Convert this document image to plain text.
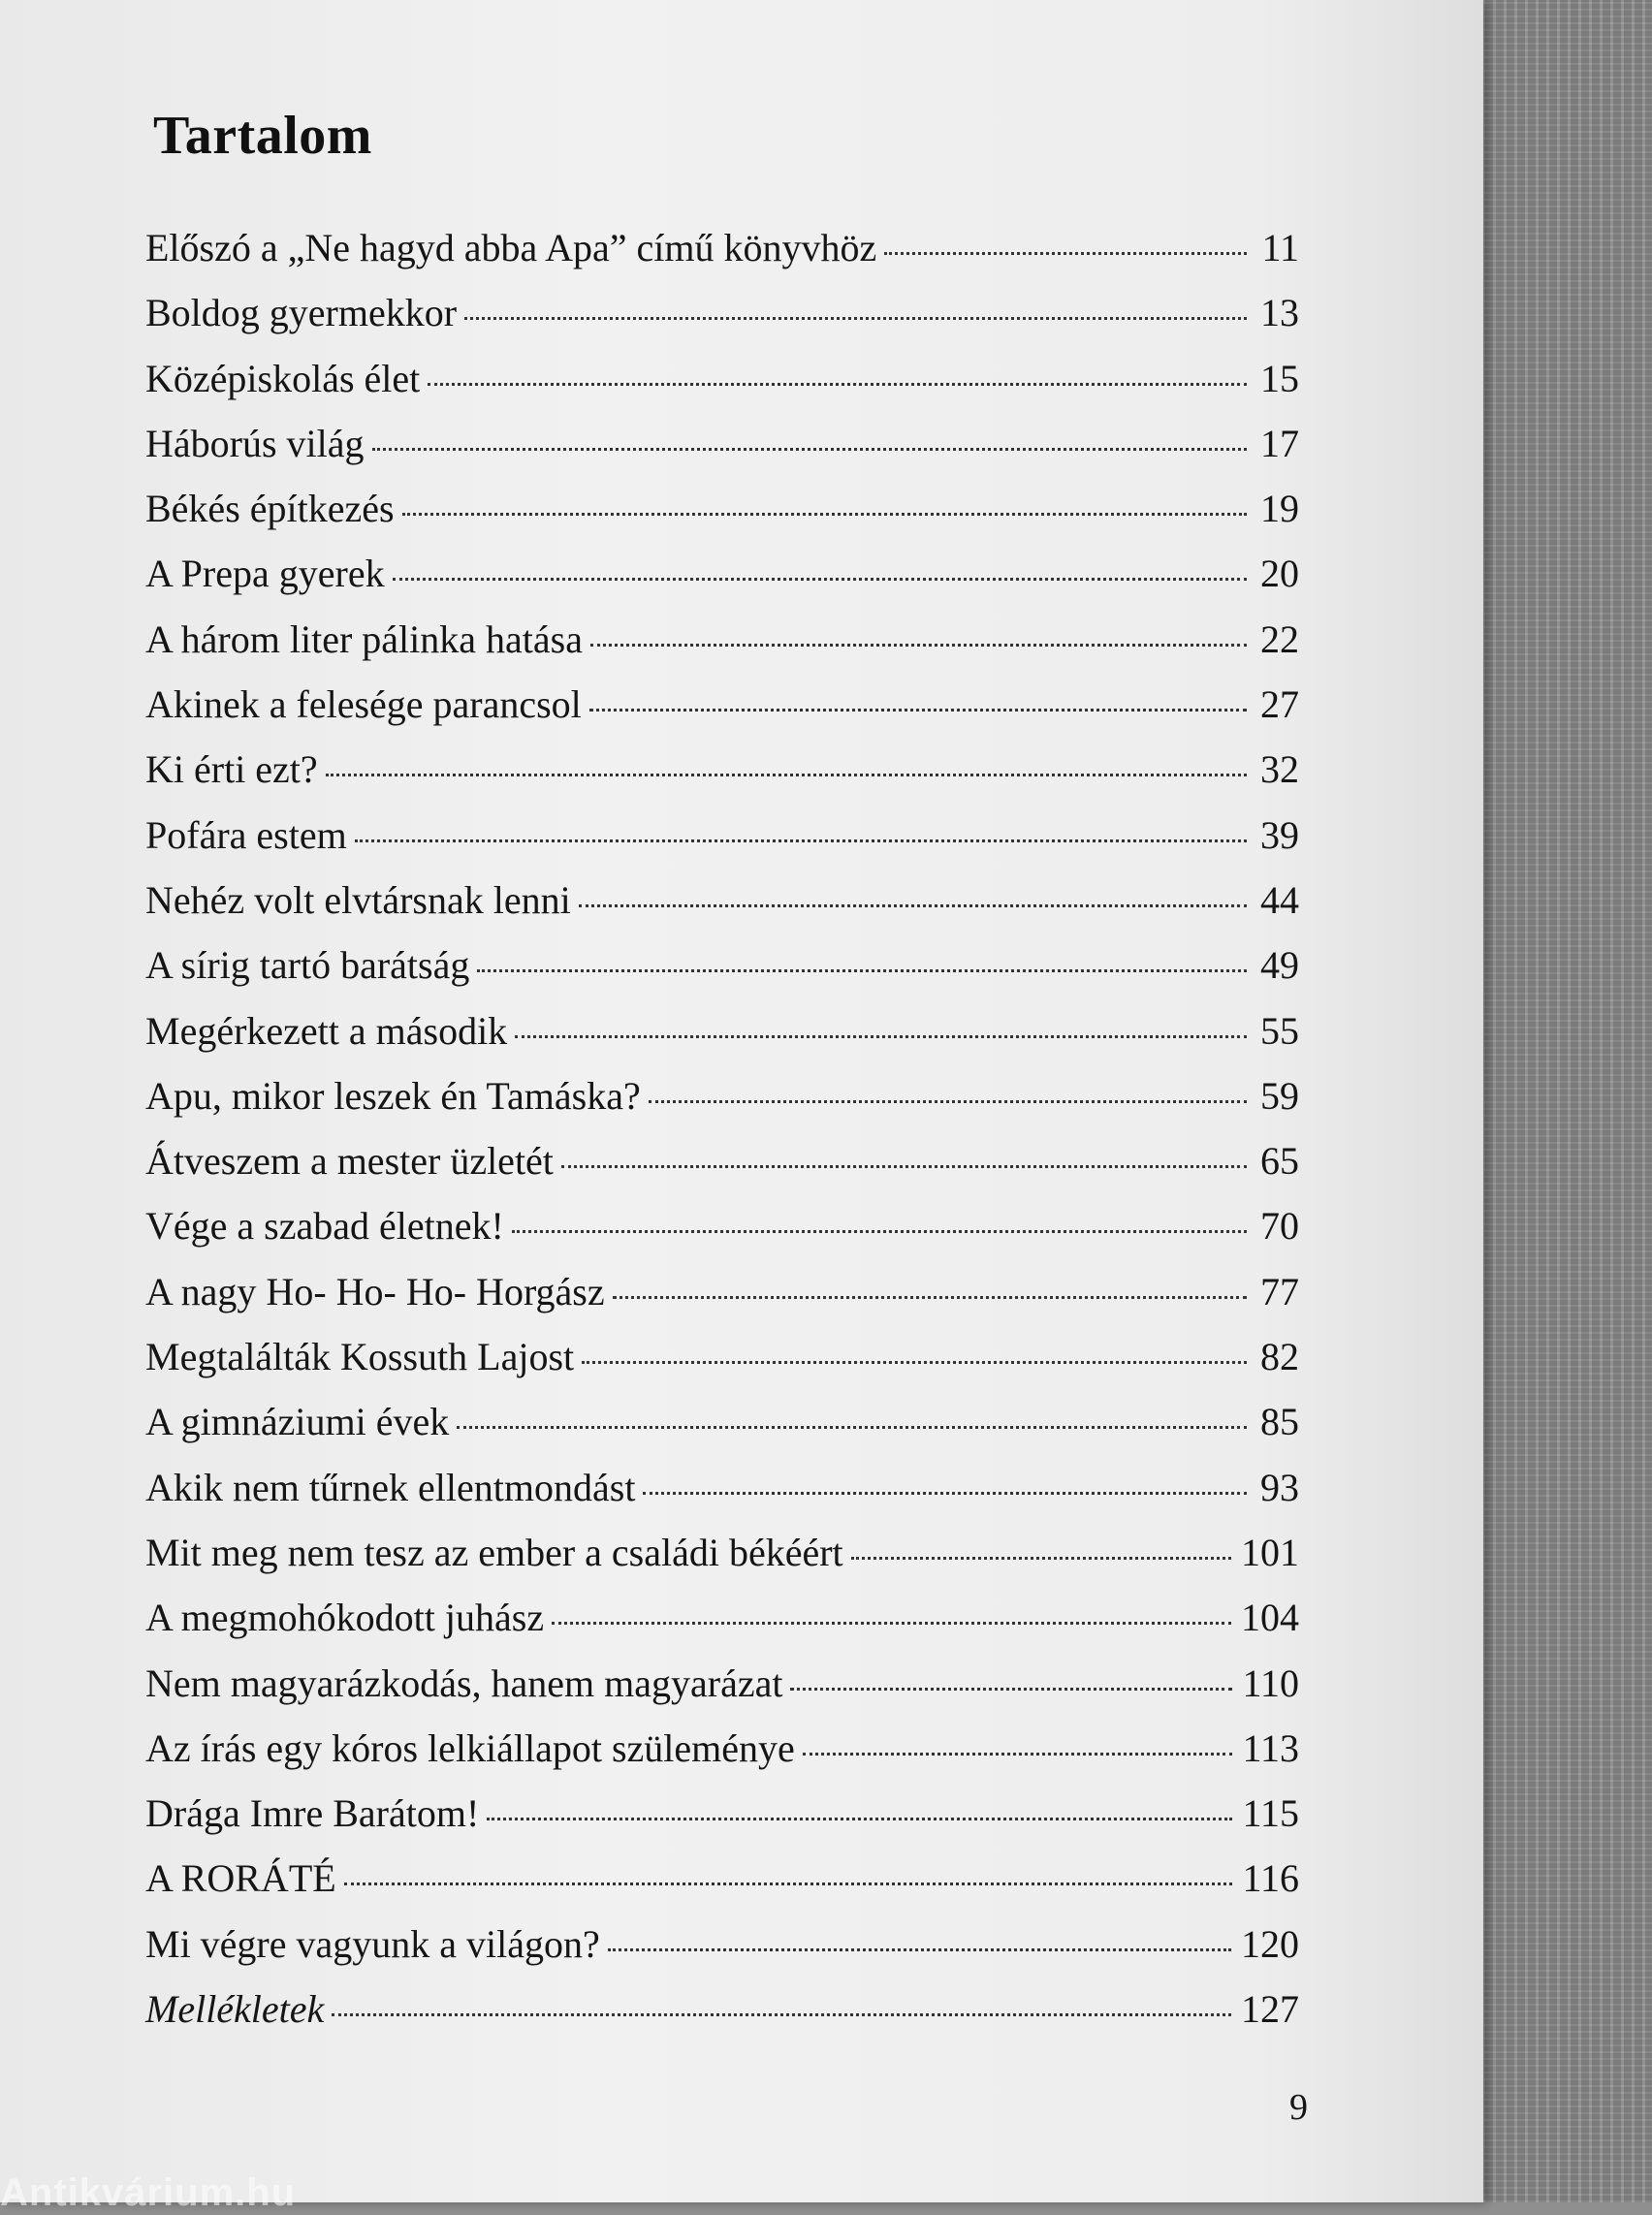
Tartalom
Előszó a „Ne hagyd abba Apa” című könyvhöz	11
Boldog gyermekkor	13
Középiskolás élet	15
Háborús világ	17
Békés építkezés	19
A Prepa gyerek	20
A három liter pálinka hatása	22
Akinek a felesége parancsol	27
Ki érti ezt?	32
Pofára estem	39
Nehéz volt elvtársnak lenni	44
A sírig tartó barátság	49
Megérkezett a második	55
Apu, mikor leszek én Tamáska?	59
Átveszem a mester üzletét	65
Vége a szabad életnek!	70
A nagy Ho- Ho- Ho- Horgász	77
Megtalálták Kossuth Lajost	82
A gimnáziumi évek	85
Akik nem tűrnek ellentmondást	93
Mit meg nem tesz az ember a családi békéért	101
A megmohókodott juhász	104
Nem magyarázkodás, hanem magyarázat	110
Az írás egy kóros lelkiállapot szüleménye	113
Drága Imre Barátom!	115
A RORÁTÉ	116
Mi végre vagyunk a világon?	120
Mellékletek	127
9
Antikvárium.hu
